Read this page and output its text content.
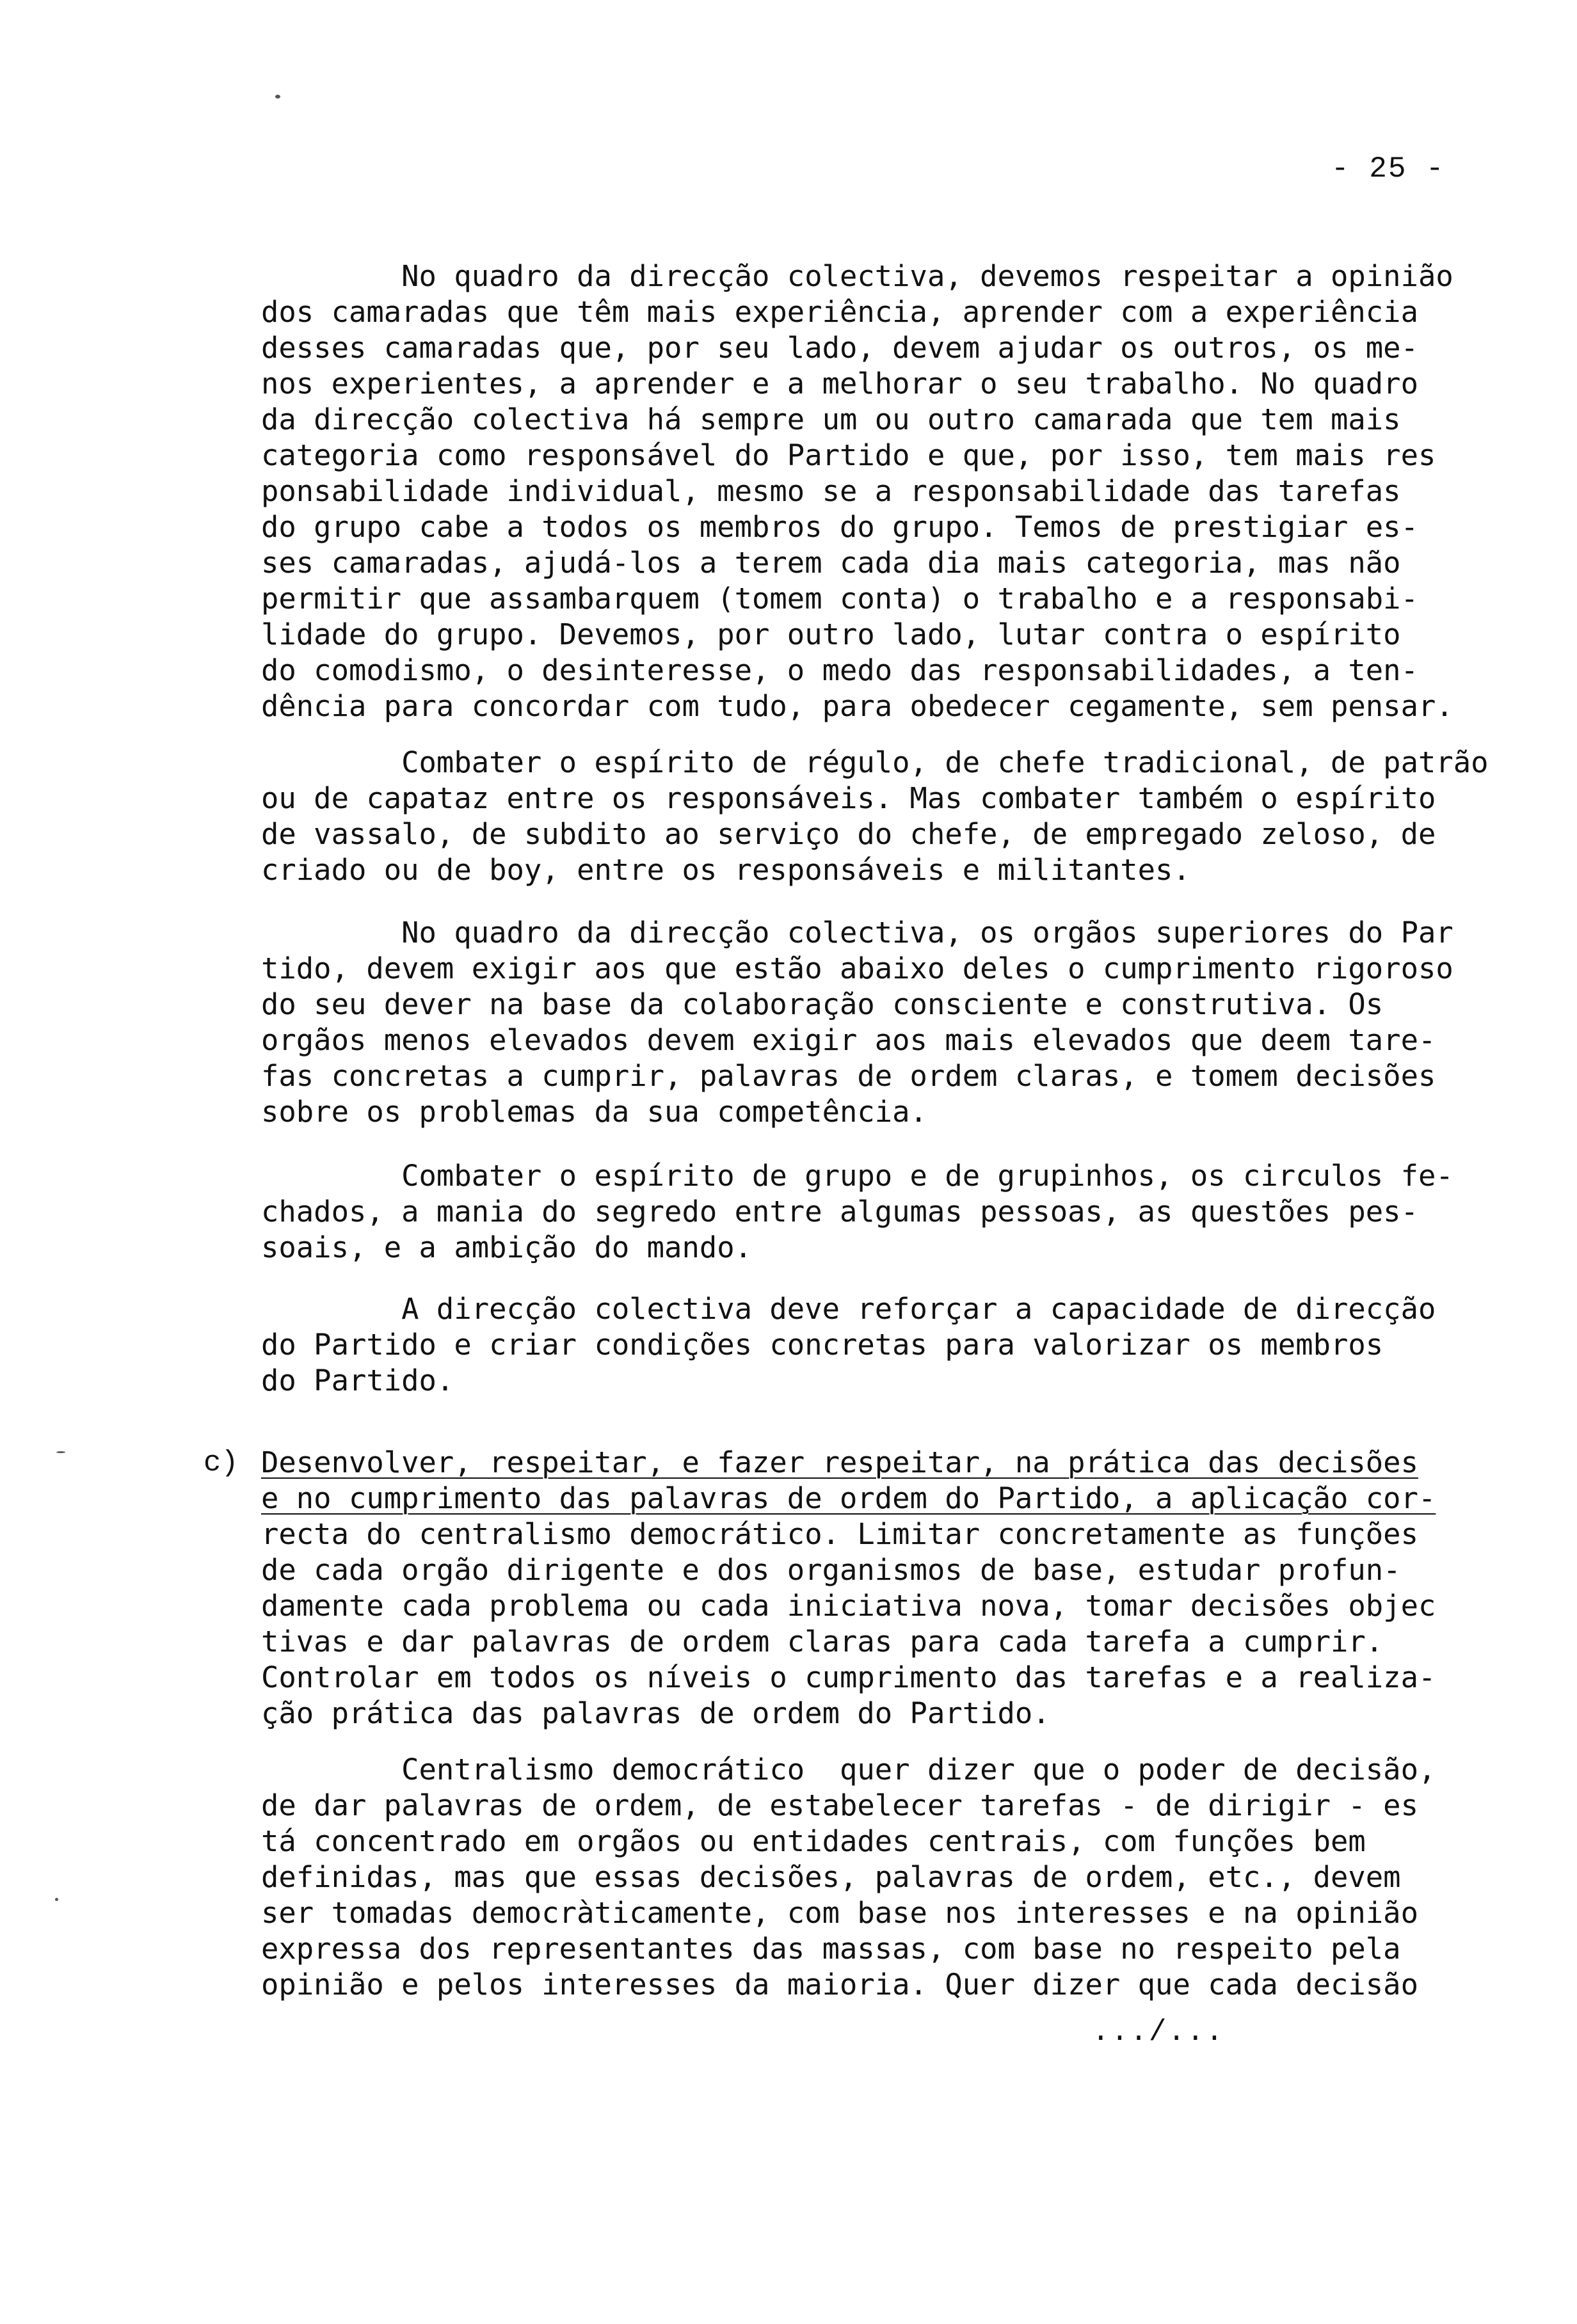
- 25 -
No quadro da direcção colectiva, devemos respeitar a opinião
dos camaradas que têm mais experiência, aprender com a experiência
desses camaradas que, por seu lado, devem ajudar os outros, os me-
nos experientes, a aprender e a melhorar o seu trabalho. No quadro
da direcção colectiva há sempre um ou outro camarada que tem mais
categoria como responsável do Partido e que, por isso, tem mais res
ponsabilidade individual, mesmo se a responsabilidade das tarefas
do grupo cabe a todos os membros do grupo. Temos de prestigiar es-
ses camaradas, ajudá-los a terem cada dia mais categoria, mas não
permitir que assambarquem (tomem conta) o trabalho e a responsabi-
lidade do grupo. Devemos, por outro lado, lutar contra o espírito
do comodismo, o desinteresse, o medo das responsabilidades, a ten-
dência para concordar com tudo, para obedecer cegamente, sem pensar.
Combater o espírito de régulo, de chefe tradicional, de patrão
ou de capataz entre os responsáveis. Mas combater também o espírito
de vassalo, de subdito ao serviço do chefe, de empregado zeloso, de
criado ou de boy, entre os responsáveis e militantes.
No quadro da direcção colectiva, os orgãos superiores do Par
tido, devem exigir aos que estão abaixo deles o cumprimento rigoroso
do seu dever na base da colaboração consciente e construtiva. Os
orgãos menos elevados devem exigir aos mais elevados que deem tare-
fas concretas a cumprir, palavras de ordem claras, e tomem decisões
sobre os problemas da sua competência.
Combater o espírito de grupo e de grupinhos, os circulos fe-
chados, a mania do segredo entre algumas pessoas, as questões pes-
soais, e a ambição do mando.
A direcção colectiva deve reforçar a capacidade de direcção
do Partido e criar condições concretas para valorizar os membros
do Partido.
c) Desenvolver, respeitar, e fazer respeitar, na prática das decisões
e no cumprimento das palavras de ordem do Partido, a aplicação cor-
recta do centralismo democrático. Limitar concretamente as funções
de cada orgão dirigente e dos organismos de base, estudar profun-
damente cada problema ou cada iniciativa nova, tomar decisões objec
tivas e dar palavras de ordem claras para cada tarefa a cumprir.
Controlar em todos os níveis o cumprimento das tarefas e a realiza-
ção prática das palavras de ordem do Partido.
Centralismo democrático  quer dizer que o poder de decisão,
de dar palavras de ordem, de estabelecer tarefas - de dirigir - es
tá concentrado em orgãos ou entidades centrais, com funções bem
definidas, mas que essas decisões, palavras de ordem, etc., devem
ser tomadas democràticamente, com base nos interesses e na opinião
expressa dos representantes das massas, com base no respeito pela
opinião e pelos interesses da maioria. Quer dizer que cada decisão
.../...
